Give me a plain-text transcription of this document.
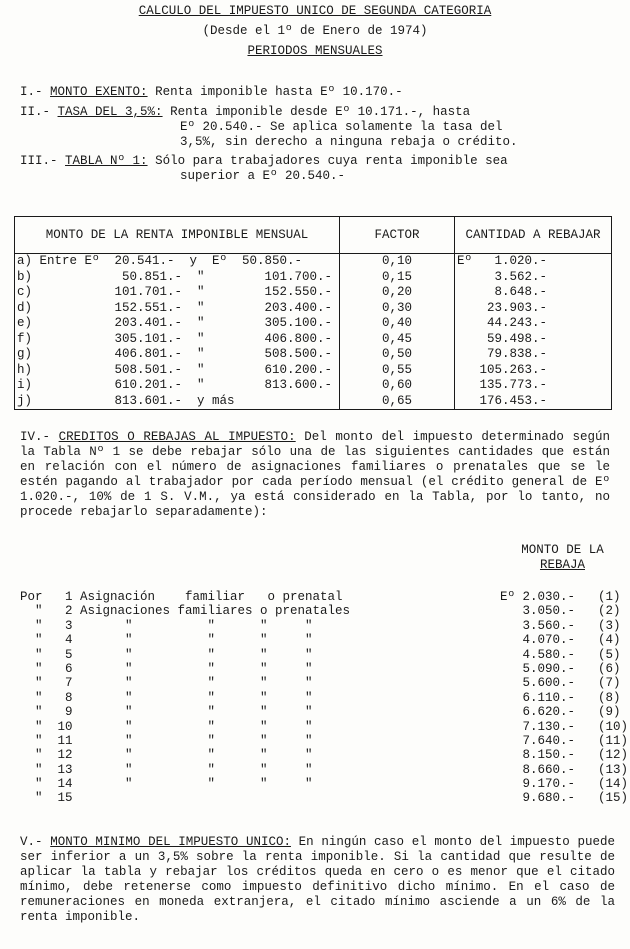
CALCULO DEL IMPUESTO UNICO DE SEGUNDA CATEGORIA
(Desde el 1º de Enero de 1974)
PERIODOS MENSUALES
I.- MONTO EXENTO: Renta imponible hasta Eº 10.170.-
II.- TASA DEL 3,5%: Renta imponible desde Eº 10.171.-, hasta
Eº 20.540.- Se aplica solamente la tasa del
3,5%, sin derecho a ninguna rebaja o crédito.
III.- TABLA Nº 1: Sólo para trabajadores cuya renta imponible sea
superior a Eº 20.540.-
MONTO DE LA RENTA IMPONIBLE MENSUAL	FACTOR	CANTIDAD A REBAJAR
a) Entre Eº  20.541.-  y  Eº  50.850.-	0,10	Eº   1.020.-
b)            50.851.-  "        101.700.-	0,15	3.562.-
c)           101.701.-  "        152.550.-	0,20	8.648.-
d)           152.551.-  "        203.400.-	0,30	23.903.-
e)           203.401.-  "        305.100.-	0,40	44.243.-
f)           305.101.-  "        406.800.-	0,45	59.498.-
g)           406.801.-  "        508.500.-	0,50	79.838.-
h)           508.501.-  "        610.200.-	0,55	105.263.-
i)           610.201.-  "        813.600.-	0,60	135.773.-
j)           813.601.-  y más	0,65	176.453.-
IV.- CREDITOS O REBAJAS AL IMPUESTO: Del monto del impuesto determinado según la Tabla Nº 1 se debe rebajar sólo una de las siguientes cantidades que están en relación con el número de asignaciones familiares o prenatales que se le estén pagando al trabajador por cada período mensual (el crédito general de Eº 1.020.-, 10% de 1 S. V.M., ya está considerado en la Tabla, por lo tanto, no procede rebajarlo separadamente):
MONTO DE LA
REBAJA
Por   1 Asignación    familiar   o prenatal	Eº 2.030.- (1)
"   2 Asignaciones familiares o prenatales	3.050.- (2)
"   3       "          "      "     "	3.560.- (3)
"   4       "          "      "     "	4.070.- (4)
"   5       "          "      "     "	4.580.- (5)
"   6       "          "      "     "	5.090.- (6)
"   7       "          "      "     "	5.600.- (7)
"   8       "          "      "     "	6.110.- (8)
"   9       "          "      "     "	6.620.- (9)
"  10       "          "      "     "	7.130.- (10)
"  11       "          "      "     "	7.640.- (11)
"  12       "          "      "     "	8.150.- (12)
"  13       "          "      "     "	8.660.- (13)
"  14       "          "      "     "	9.170.- (14)
"  15	9.680.- (15)
V.- MONTO MINIMO DEL IMPUESTO UNICO: En ningún caso el monto del impuesto puede ser inferior a un 3,5% sobre la renta imponible. Si la cantidad que resulte de aplicar la tabla y rebajar los créditos queda en cero o es menor que el citado mínimo, debe retenerse como impuesto definitivo dicho mínimo. En el caso de remuneraciones en moneda extranjera, el citado mínimo asciende a un 6% de la renta imponible.
